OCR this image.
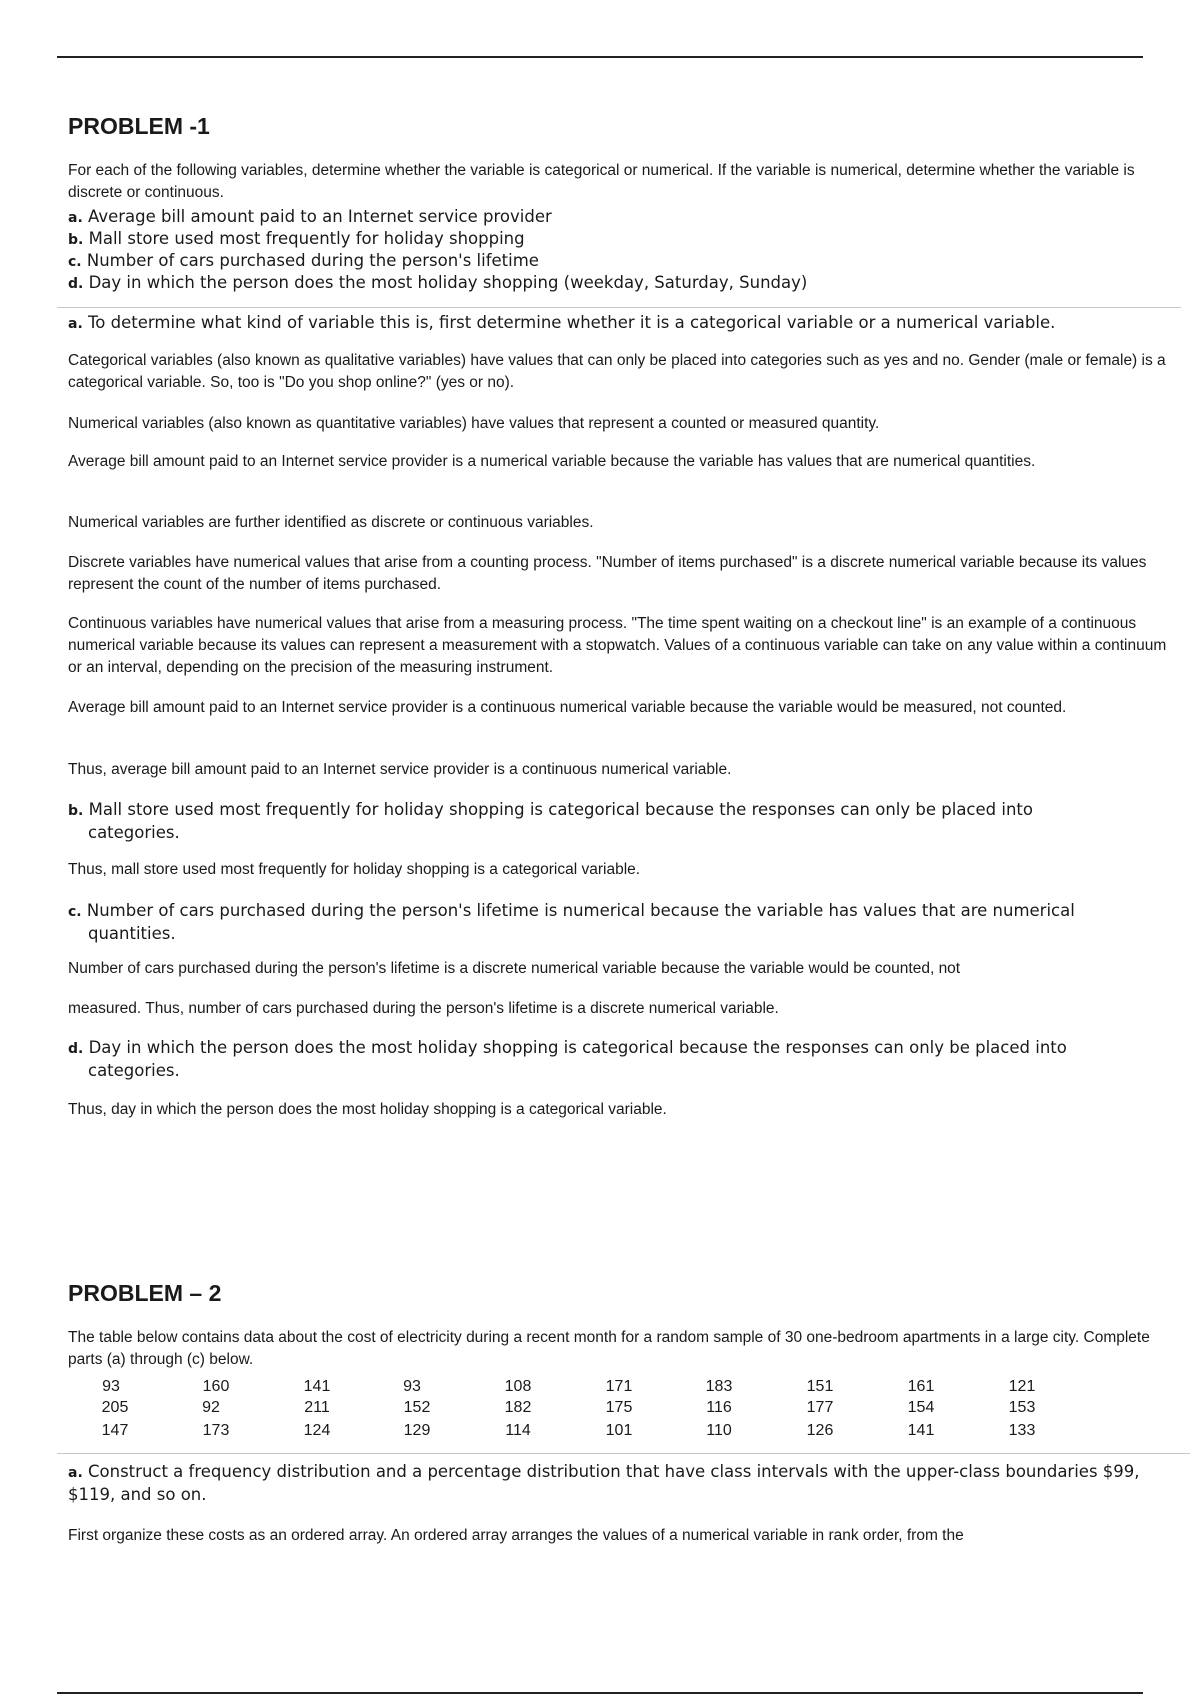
PROBLEM -1
For each of the following variables, determine whether the variable is categorical or numerical. If the variable is numerical, determine whether the variable is discrete or continuous.
a. Average bill amount paid to an Internet service provider
b. Mall store used most frequently for holiday shopping
c. Number of cars purchased during the person's lifetime
d. Day in which the person does the most holiday shopping (weekday, Saturday, Sunday)
a. To determine what kind of variable this is, first determine whether it is a categorical variable or a numerical variable.
Categorical variables (also known as qualitative variables) have values that can only be placed into categories such as yes and no. Gender (male or female) is a categorical variable. So, too is "Do you shop online?" (yes or no).
Numerical variables (also known as quantitative variables) have values that represent a counted or measured quantity.
Average bill amount paid to an Internet service provider is a numerical variable because the variable has values that are numerical quantities.
Numerical variables are further identified as discrete or continuous variables.
Discrete variables have numerical values that arise from a counting process. "Number of items purchased" is a discrete numerical variable because its values represent the count of the number of items purchased.
Continuous variables have numerical values that arise from a measuring process. "The time spent waiting on a checkout line" is an example of a continuous numerical variable because its values can represent a measurement with a stopwatch. Values of a continuous variable can take on any value within a continuum or an interval, depending on the precision of the measuring instrument.
Average bill amount paid to an Internet service provider is a continuous numerical variable because the variable would be measured, not counted.
Thus, average bill amount paid to an Internet service provider is a continuous numerical variable.
b. Mall store used most frequently for holiday shopping is categorical because the responses can only be placed into
categories.
Thus, mall store used most frequently for holiday shopping is a categorical variable.
c. Number of cars purchased during the person's lifetime is numerical because the variable has values that are numerical
quantities.
Number of cars purchased during the person's lifetime is a discrete numerical variable because the variable would be counted, not
measured. Thus, number of cars purchased during the person's lifetime is a discrete numerical variable.
d. Day in which the person does the most holiday shopping is categorical because the responses can only be placed into
categories.
Thus, day in which the person does the most holiday shopping is a categorical variable.
PROBLEM – 2
The table below contains data about the cost of electricity during a recent month for a random sample of 30 one-bedroom apartments in a large city. Complete parts (a) through (c) below.
93	160	141	93	108	171	183	151	161	121
205	92	211	152	182	175	116	177	154	153
147	173	124	129	114	101	110	126	141	133
a. Construct a frequency distribution and a percentage distribution that have class intervals with the upper-class boundaries $99, $119, and so on.
First organize these costs as an ordered array. An ordered array arranges the values of a numerical variable in rank order, from the
